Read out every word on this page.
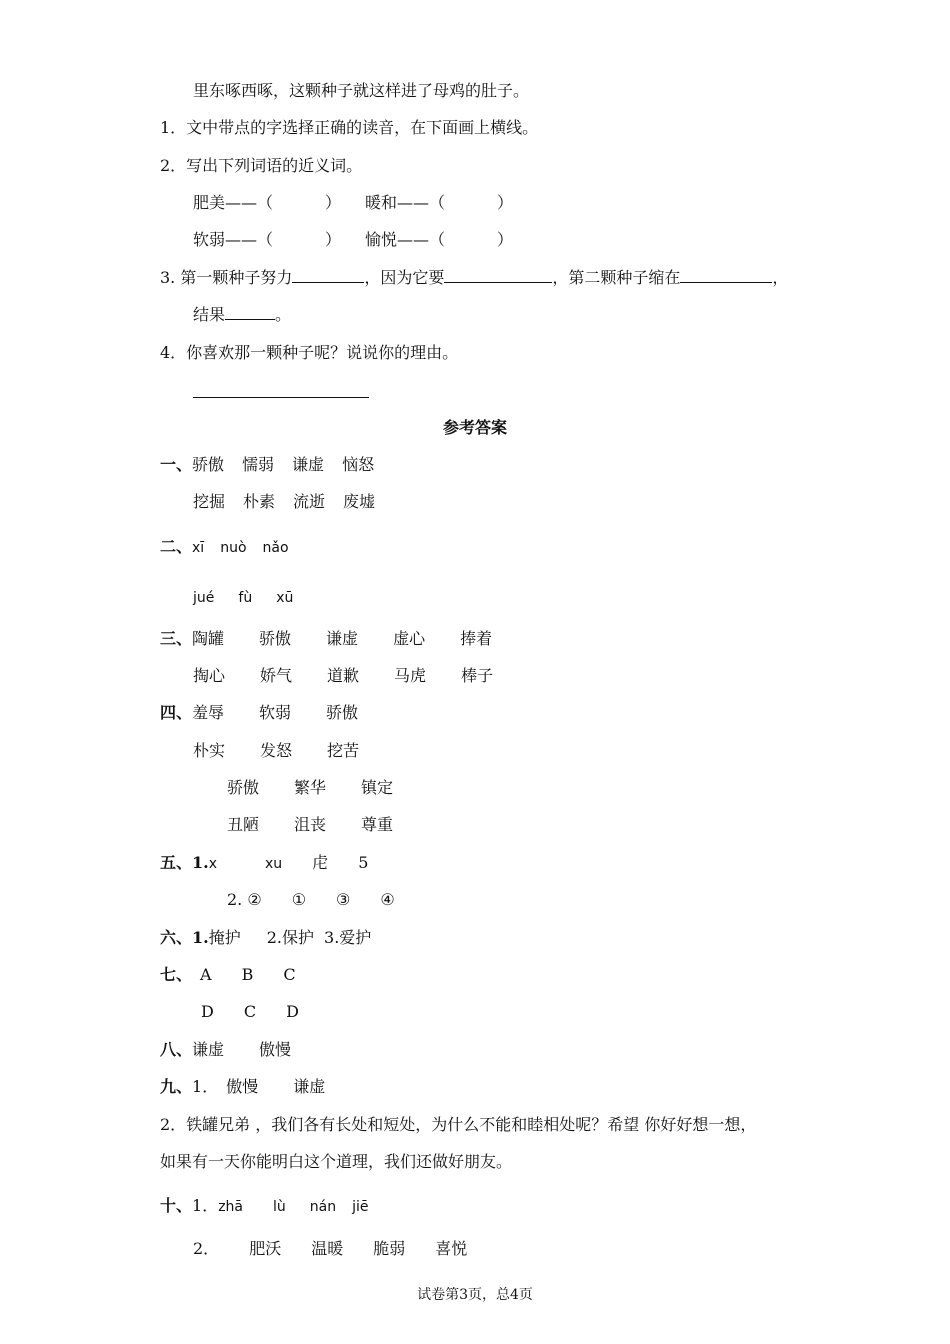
里东啄西啄，这颗种子就这样进了母鸡的肚子。
1．文中带点的字选择正确的读音，在下面画上横线。
2．写出下列词语的近义词。
肥美——（	） 暖和——（	）
软弱——（	） 愉悦——（	）
3. 第一颗种子努力	，因为它要	，第二颗种子缩在	，
结果	。
4．你喜欢那一颗种子呢？说说你的理由。
参考答案
一、骄傲 懦弱 谦虚 恼怒
挖掘 朴素 流逝 废墟
二、xī nuò nǎo
jué fù xū
三、陶罐 骄傲 谦虚 虚心 捧着
掏心 娇气 道歉 马虎 棒子
四、羞辱 软弱 骄傲
朴实 发怒 挖苦
骄傲 繁华 镇定
丑陋 沮丧 尊重
五、1.x	xu 虍 5
2. ② ① ③ ④
六、1.掩护 2.保护 3.爱护
七、 A B C
D C D
八、谦虚 傲慢
九、1． 傲慢 谦虚
2．铁罐兄弟 ，我们各有长处和短处，为什么不能和睦相处呢？希望 你好好想一想，
如果有一天你能明白这个道理，我们还做好朋友。
十、1．zhā lù nán jiē
2． 肥沃 温暖 脆弱 喜悦
试卷第3页，总4页
